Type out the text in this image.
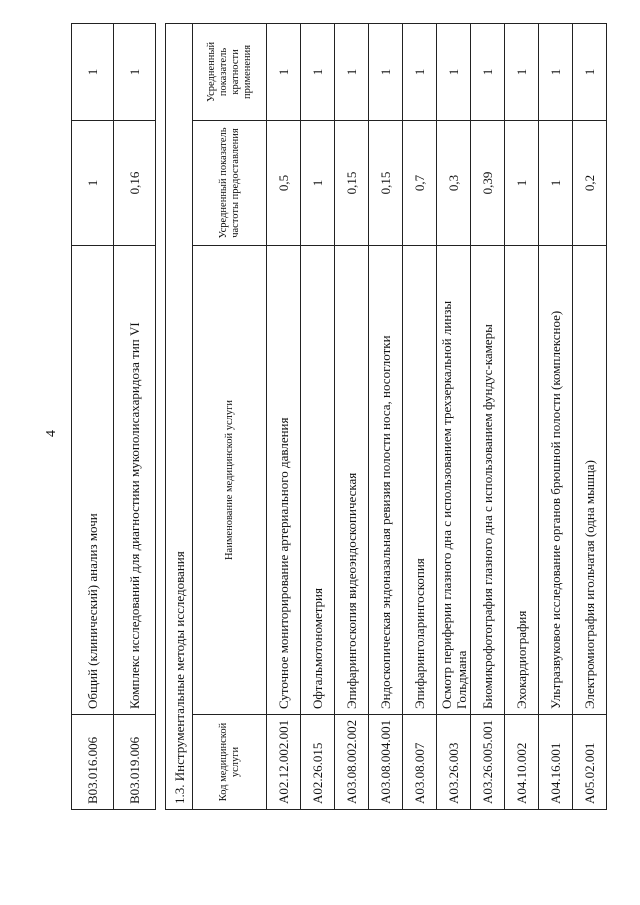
4
B03.016.006	Общий (клинический) анализ мочи	1	1
B03.019.006	Комплекс исследований для диагностики мукополисахаридоза тип VI	0,16	1
1.3. Инструментальные методы исследования			
Код медицинской услуги	Наименование медицинской услуги	Усредненный показатель частоты предоставления	Усредненный показатель кратности применения
A02.12.002.001	Суточное мониторирование артериального давления	0,5	1
A02.26.015	Офтальмотонометрия	1	1
A03.08.002.002	Эпифарингоскопия видеоэндоскопическая	0,15	1
A03.08.004.001	Эндоскопическая эндоназальная ревизия полости носа, носоглотки	0,15	1
A03.08.007	Эпифаринголарингоскопия	0,7	1
A03.26.003	Осмотр периферии глазного дна с использованием трехзеркальной линзы Гольдмана	0,3	1
A03.26.005.001	Биомикрофотография глазного дна с использованием фундус-камеры	0,39	1
A04.10.002	Эхокардиография	1	1
A04.16.001	Ультразвуковое исследование органов брюшной полости (комплексное)	1	1
A05.02.001	Электромиография игольчатая (одна мышца)	0,2	1
